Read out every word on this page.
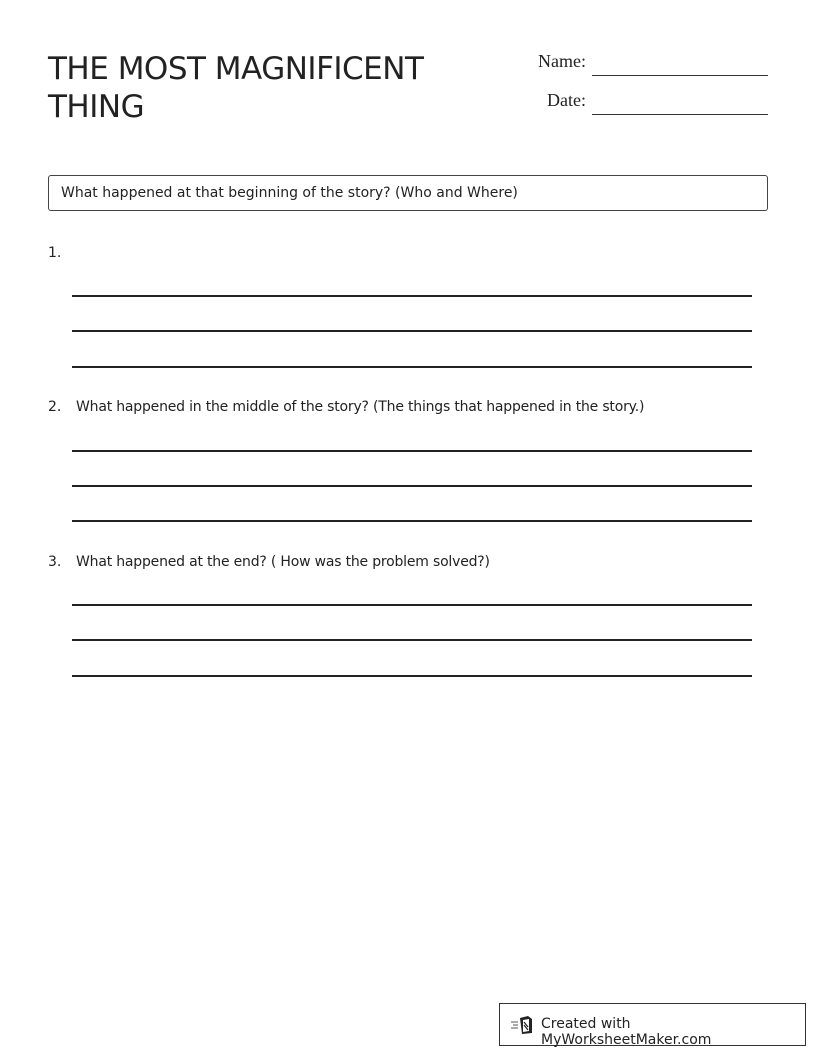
THE MOST MAGNIFICENT
THING
Name:
Date:
What happened at that beginning of the story? (Who and Where)
1.
2. What happened in the middle of the story? (The things that happened in the story.)
3. What happened at the end? ( How was the problem solved?)
Created with MyWorksheetMaker.com
